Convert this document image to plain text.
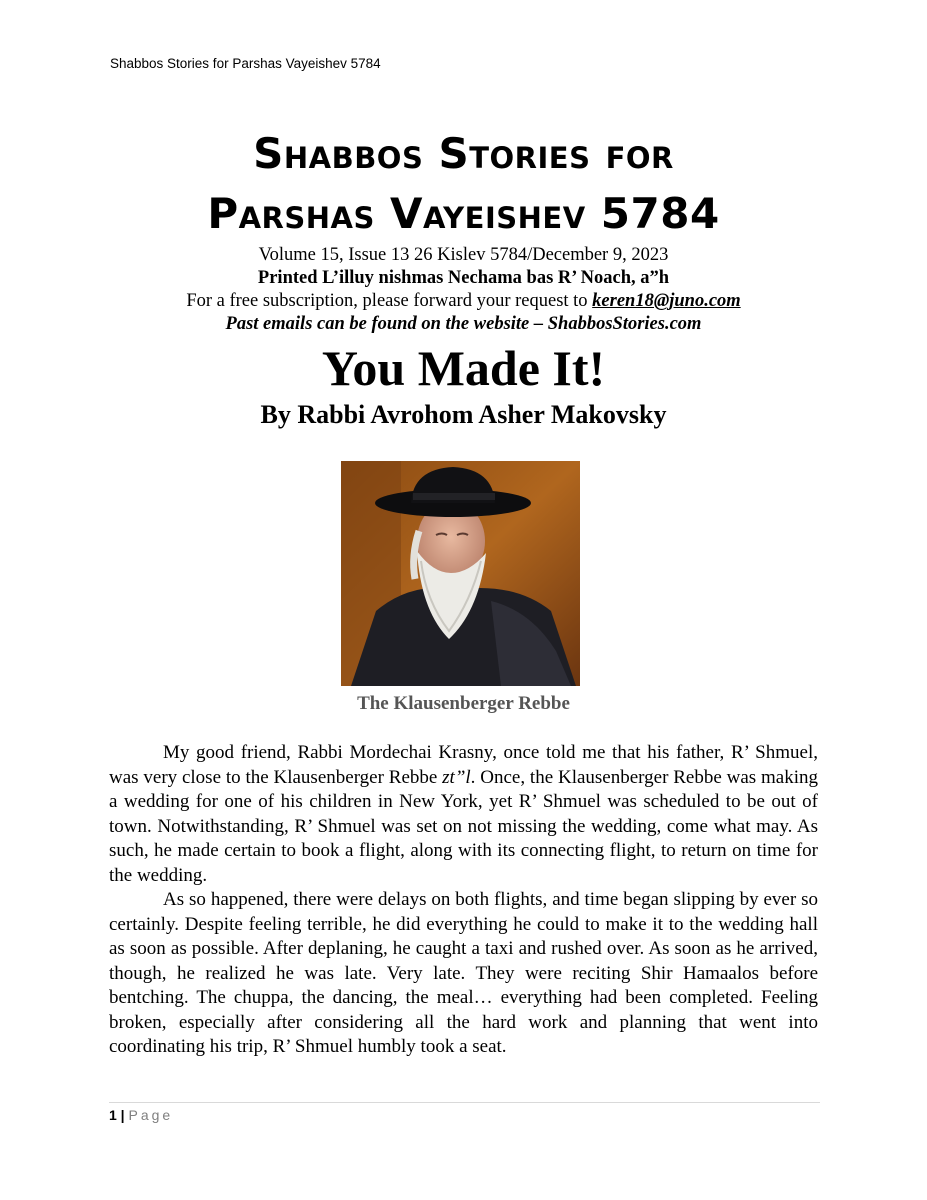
Shabbos Stories for Parshas Vayeishev 5784
Shabbos Stories for
Parshas Vayeishev 5784
Volume 15, Issue 13 26 Kislev 5784/December 9, 2023
Printed L’illuy nishmas Nechama bas R’ Noach, a”h
For a free subscription, please forward your request to keren18@juno.com
Past emails can be found on the website – ShabbosStories.com
You Made It!
By Rabbi Avrohom Asher Makovsky
The Klausenberger Rebbe

My good friend, Rabbi Mordechai Krasny, once told me that his father, R’ Shmuel, was very close to the Klausenberger Rebbe zt”l. Once, the Klausenberger Rebbe was making a wedding for one of his children in New York, yet R’ Shmuel was scheduled to be out of town. Notwithstanding, R’ Shmuel was set on not missing the wedding, come what may. As such, he made certain to book a flight, along with its connecting flight, to return on time for the wedding.

As so happened, there were delays on both flights, and time began slipping by ever so certainly. Despite feeling terrible, he did everything he could to make it to the wedding hall as soon as possible. After deplaning, he caught a taxi and rushed over. As soon as he arrived, though, he realized he was late. Very late. They were reciting Shir Hamaalos before bentching. The chuppa, the dancing, the meal… everything had been completed. Feeling broken, especially after considering all the hard work and planning that went into coordinating his trip, R’ Shmuel humbly took a seat.

1 | Page
